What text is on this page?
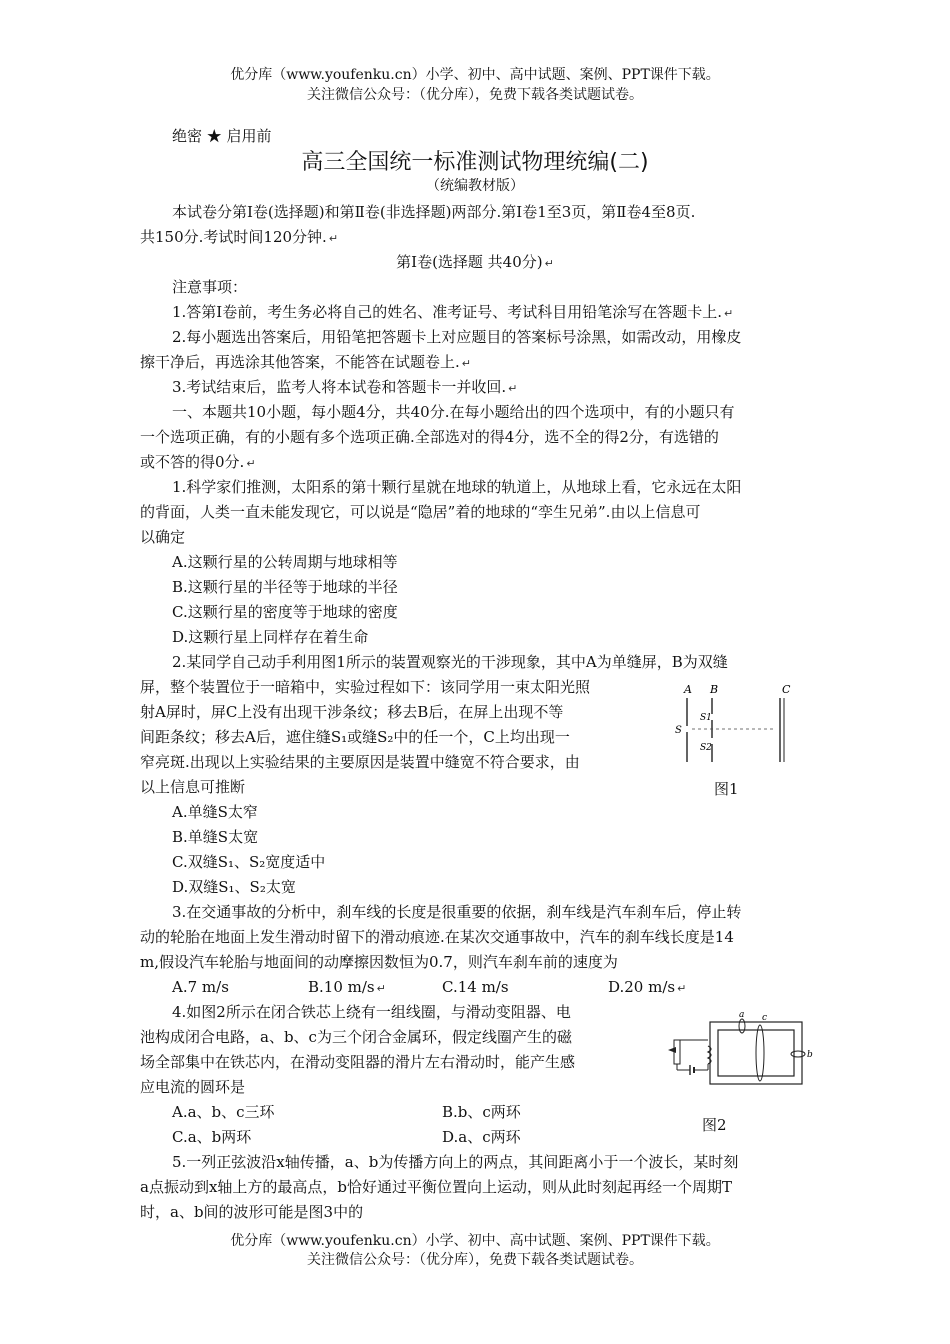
优分库（www.youfenku.cn）小学、初中、高中试题、案例、PPT课件下载。
关注微信公众号：（优分库），免费下载各类试题试卷。
绝密 ★ 启用前
高三全国统一标准测试物理统编(二)
（统编教材版）
本试卷分第Ⅰ卷(选择题)和第Ⅱ卷(非选择题)两部分.第Ⅰ卷1至3页，第Ⅱ卷4至8页.
共150分.考试时间120分钟. ↵
第Ⅰ卷(选择题 共40分) ↵
注意事项：
1.答第Ⅰ卷前，考生务必将自己的姓名、准考证号、考试科目用铅笔涂写在答题卡上. ↵
2.每小题选出答案后，用铅笔把答题卡上对应题目的答案标号涂黑，如需改动，用橡皮
擦干净后，再选涂其他答案，不能答在试题卷上. ↵
3.考试结束后，监考人将本试卷和答题卡一并收回. ↵
一、本题共10小题，每小题4分，共40分.在每小题给出的四个选项中，有的小题只有
一个选项正确，有的小题有多个选项正确.全部选对的得4分，选不全的得2分，有选错的
或不答的得0分. ↵
1.科学家们推测，太阳系的第十颗行星就在地球的轨道上，从地球上看，它永远在太阳
的背面，人类一直未能发现它，可以说是“隐居”着的地球的“孪生兄弟”.由以上信息可
以确定
A.这颗行星的公转周期与地球相等
B.这颗行星的半径等于地球的半径
C.这颗行星的密度等于地球的密度
D.这颗行星上同样存在着生命
2.某同学自己动手利用图1所示的装置观察光的干涉现象，其中A为单缝屏，B为双缝
屏，整个装置位于一暗箱中，实验过程如下：该同学用一束太阳光照
射A屏时，屏C上没有出现干涉条纹；移去B后，在屏上出现不等
间距条纹；移去A后，遮住缝S₁或缝S₂中的任一个，C上均出现一
窄亮斑.出现以上实验结果的主要原因是装置中缝宽不符合要求，由
以上信息可推断
A.单缝S太窄
B.单缝S太宽
C.双缝S₁、S₂宽度适中
D.双缝S₁、S₂太宽
A B	C
S
S1
S2
图1
3.在交通事故的分析中，刹车线的长度是很重要的依据，刹车线是汽车刹车后，停止转
动的轮胎在地面上发生滑动时留下的滑动痕迹.在某次交通事故中，汽车的刹车线长度是14
m,假设汽车轮胎与地面间的动摩擦因数恒为0.7，则汽车刹车前的速度为
A.7 m/s	B.10 m/s ↵	C.14 m/s	D.20 m/s ↵
4.如图2所示在闭合铁芯上绕有一组线圈，与滑动变阻器、电
池构成闭合电路，a、b、c为三个闭合金属环，假定线圈产生的磁
场全部集中在铁芯内，在滑动变阻器的滑片左右滑动时，能产生感
应电流的圆环是
A.a、b、c三环	B.b、c两环
C.a、b两环	D.a、c两环
a c
b
图2
5.一列正弦波沿x轴传播，a、b为传播方向上的两点，其间距离小于一个波长，某时刻
a点振动到x轴上方的最高点，b恰好通过平衡位置向上运动，则从此时刻起再经一个周期T
时，a、b间的波形可能是图3中的
优分库（www.youfenku.cn）小学、初中、高中试题、案例、PPT课件下载。
关注微信公众号：（优分库），免费下载各类试题试卷。
